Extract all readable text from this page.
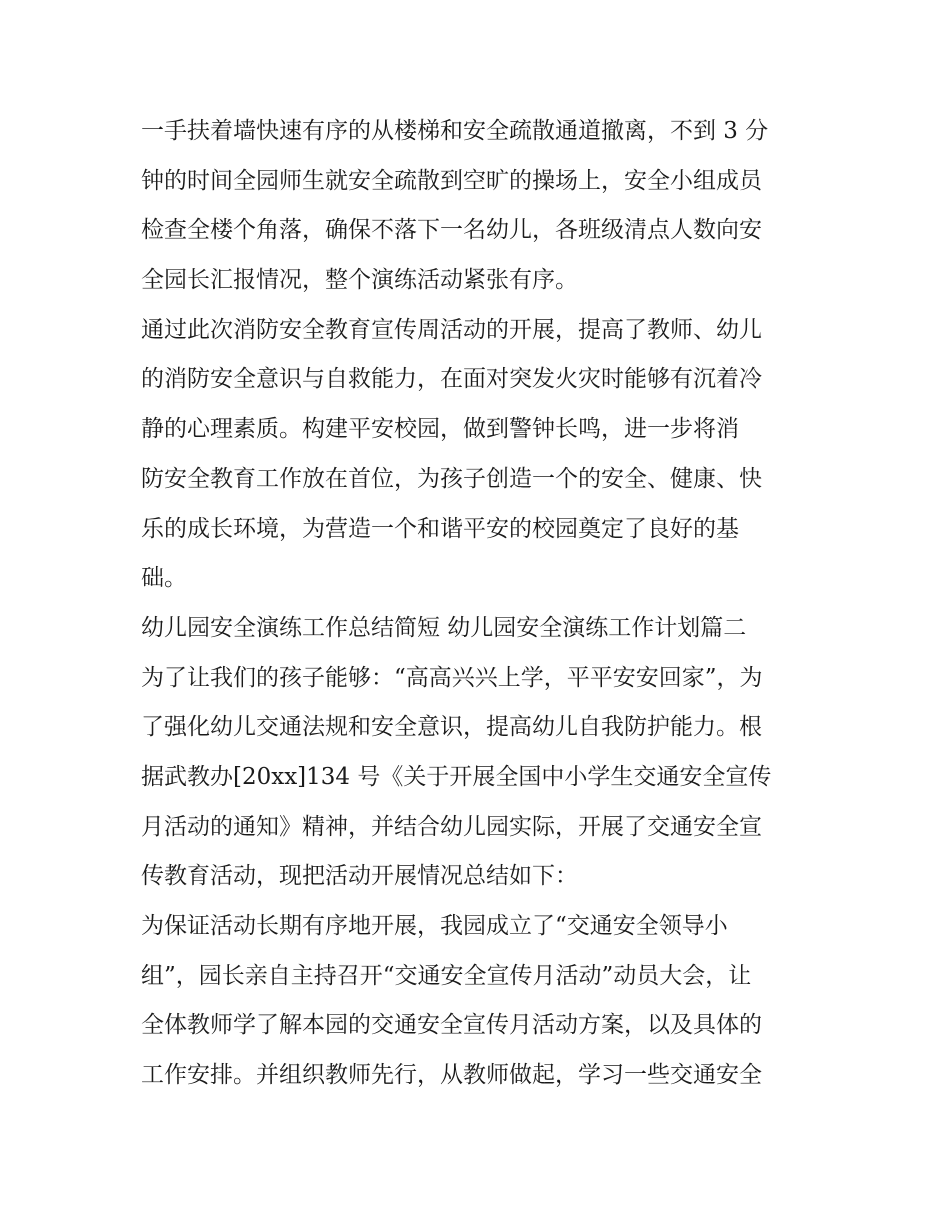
一手扶着墙快速有序的从楼梯和安全疏散通道撤离，不到 3 分
钟的时间全园师生就安全疏散到空旷的操场上，安全小组成员
检查全楼个角落，确保不落下一名幼儿，各班级清点人数向安
全园长汇报情况，整个演练活动紧张有序。
通过此次消防安全教育宣传周活动的开展，提高了教师、幼儿
的消防安全意识与自救能力，在面对突发火灾时能够有沉着冷
静的心理素质。构建平安校园，做到警钟长鸣，进一步将消
防安全教育工作放在首位，为孩子创造一个的安全、健康、快
乐的成长环境，为营造一个和谐平安的校园奠定了良好的基
础。
幼儿园安全演练工作总结简短 幼儿园安全演练工作计划篇二
为了让我们的孩子能够：“高高兴兴上学，平平安安回家”，为
了强化幼儿交通法规和安全意识，提高幼儿自我防护能力。根
据武教办[20xx]134 号《关于开展全国中小学生交通安全宣传
月活动的通知》精神，并结合幼儿园实际，开展了交通安全宣
传教育活动，现把活动开展情况总结如下：
为保证活动长期有序地开展，我园成立了“交通安全领导小
组”，园长亲自主持召开“交通安全宣传月活动”动员大会，让
全体教师学了解本园的交通安全宣传月活动方案，以及具体的
工作安排。并组织教师先行，从教师做起，学习一些交通安全
